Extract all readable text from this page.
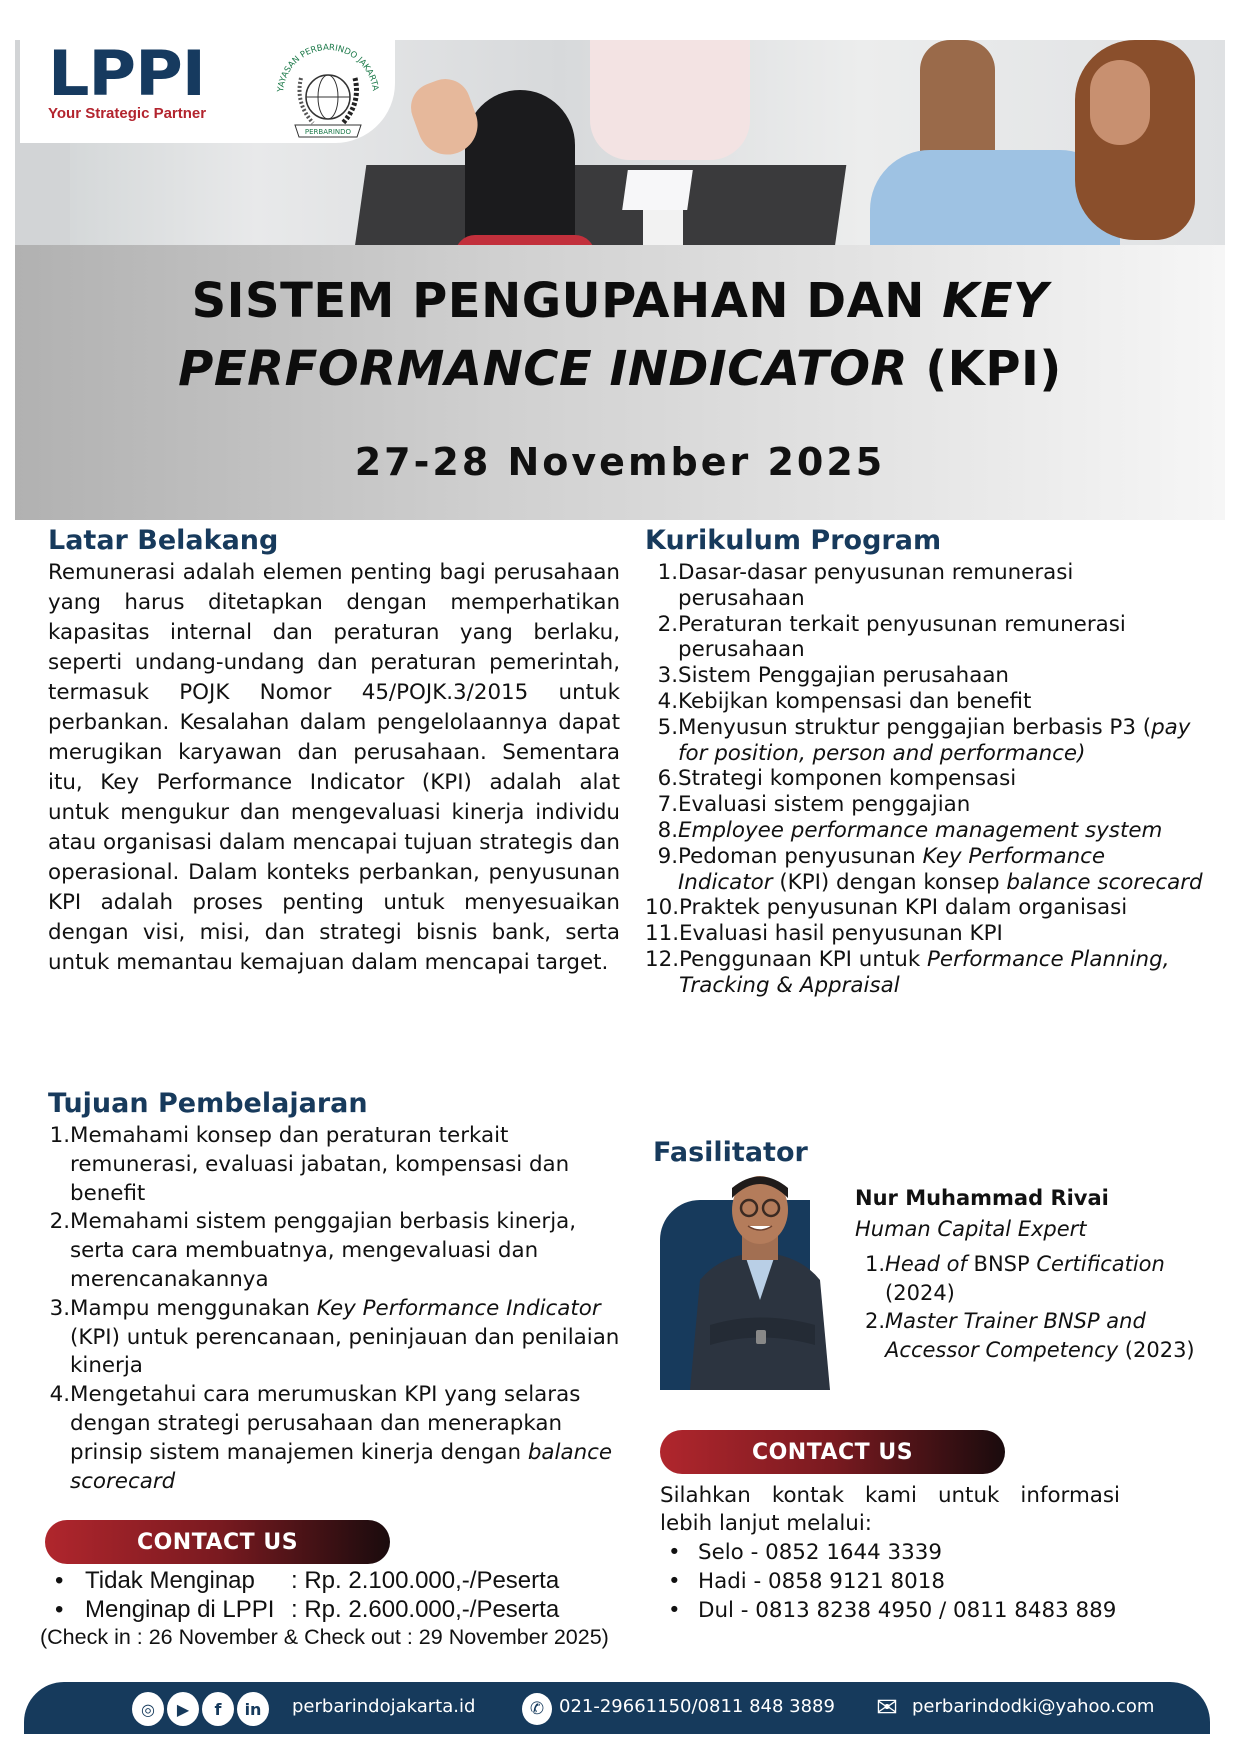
LPPI
Your Strategic Partner
YAYASAN PERBARINDO JAKARTA
PERBARINDO
SISTEM PENGUPAHAN DAN KEY
PERFORMANCE INDICATOR (KPI)
27-28 November 2025
Latar Belakang
Remunerasi adalah elemen penting bagi perusahaan yang harus ditetapkan dengan memperhatikan kapasitas internal dan peraturan yang berlaku, seperti undang-undang dan peraturan pemerintah, termasuk POJK Nomor 45/POJK.3/2015 untuk perbankan. Kesalahan dalam pengelolaannya dapat merugikan karyawan dan perusahaan. Sementara itu, Key Performance Indicator (KPI) adalah alat untuk mengukur dan mengevaluasi kinerja individu atau organisasi dalam mencapai tujuan strategis dan operasional. Dalam konteks perbankan, penyusunan KPI adalah proses penting untuk menyesuaikan dengan visi, misi, dan strategi bisnis bank, serta untuk memantau kemajuan dalam mencapai target.
Tujuan Pembelajaran
1. Memahami konsep dan peraturan terkait remunerasi, evaluasi jabatan, kompensasi dan benefit
2. Memahami sistem penggajian berbasis kinerja, serta cara membuatnya, mengevaluasi dan merencanakannya
3. Mampu menggunakan Key Performance Indicator (KPI) untuk perencanaan, peninjauan dan penilaian kinerja
4. Mengetahui cara merumuskan KPI yang selaras dengan strategi perusahaan dan menerapkan prinsip sistem manajemen kinerja dengan balance scorecard
Kurikulum Program
1. Dasar-dasar penyusunan remunerasi perusahaan
2. Peraturan terkait penyusunan remunerasi perusahaan
3. Sistem Penggajian perusahaan
4. Kebijkan kompensasi dan benefit
5. Menyusun struktur penggajian berbasis P3 (pay for position, person and performance)
6. Strategi komponen kompensasi
7. Evaluasi sistem penggajian
8. Employee performance management system
9. Pedoman penyusunan Key Performance Indicator (KPI) dengan konsep balance scorecard
10. Praktek penyusunan KPI dalam organisasi
11. Evaluasi hasil penyusunan KPI
12. Penggunaan KPI untuk Performance Planning, Tracking & Appraisal
Fasilitator
Nur Muhammad Rivai
Human Capital Expert
1. Head of BNSP Certification (2024)
2. Master Trainer BNSP and Accessor Competency (2023)
CONTACT US
• Tidak Menginap	: Rp. 2.100.000,-/Peserta
• Menginap di LPPI : Rp. 2.600.000,-/Peserta
(Check in : 26 November & Check out : 29 November 2025)
CONTACT US
Silahkan kontak kami untuk informasi lebih lanjut melalui:
• Selo - 0852 1644 3339
• Hadi - 0858 9121 8018
• Dul - 0813 8238 4950 / 0811 8483 889
◎	▶	f	in	perbarindojakarta.id	✆ 021-29661150/0811 848 3889 ✉ perbarindodki@yahoo.com
